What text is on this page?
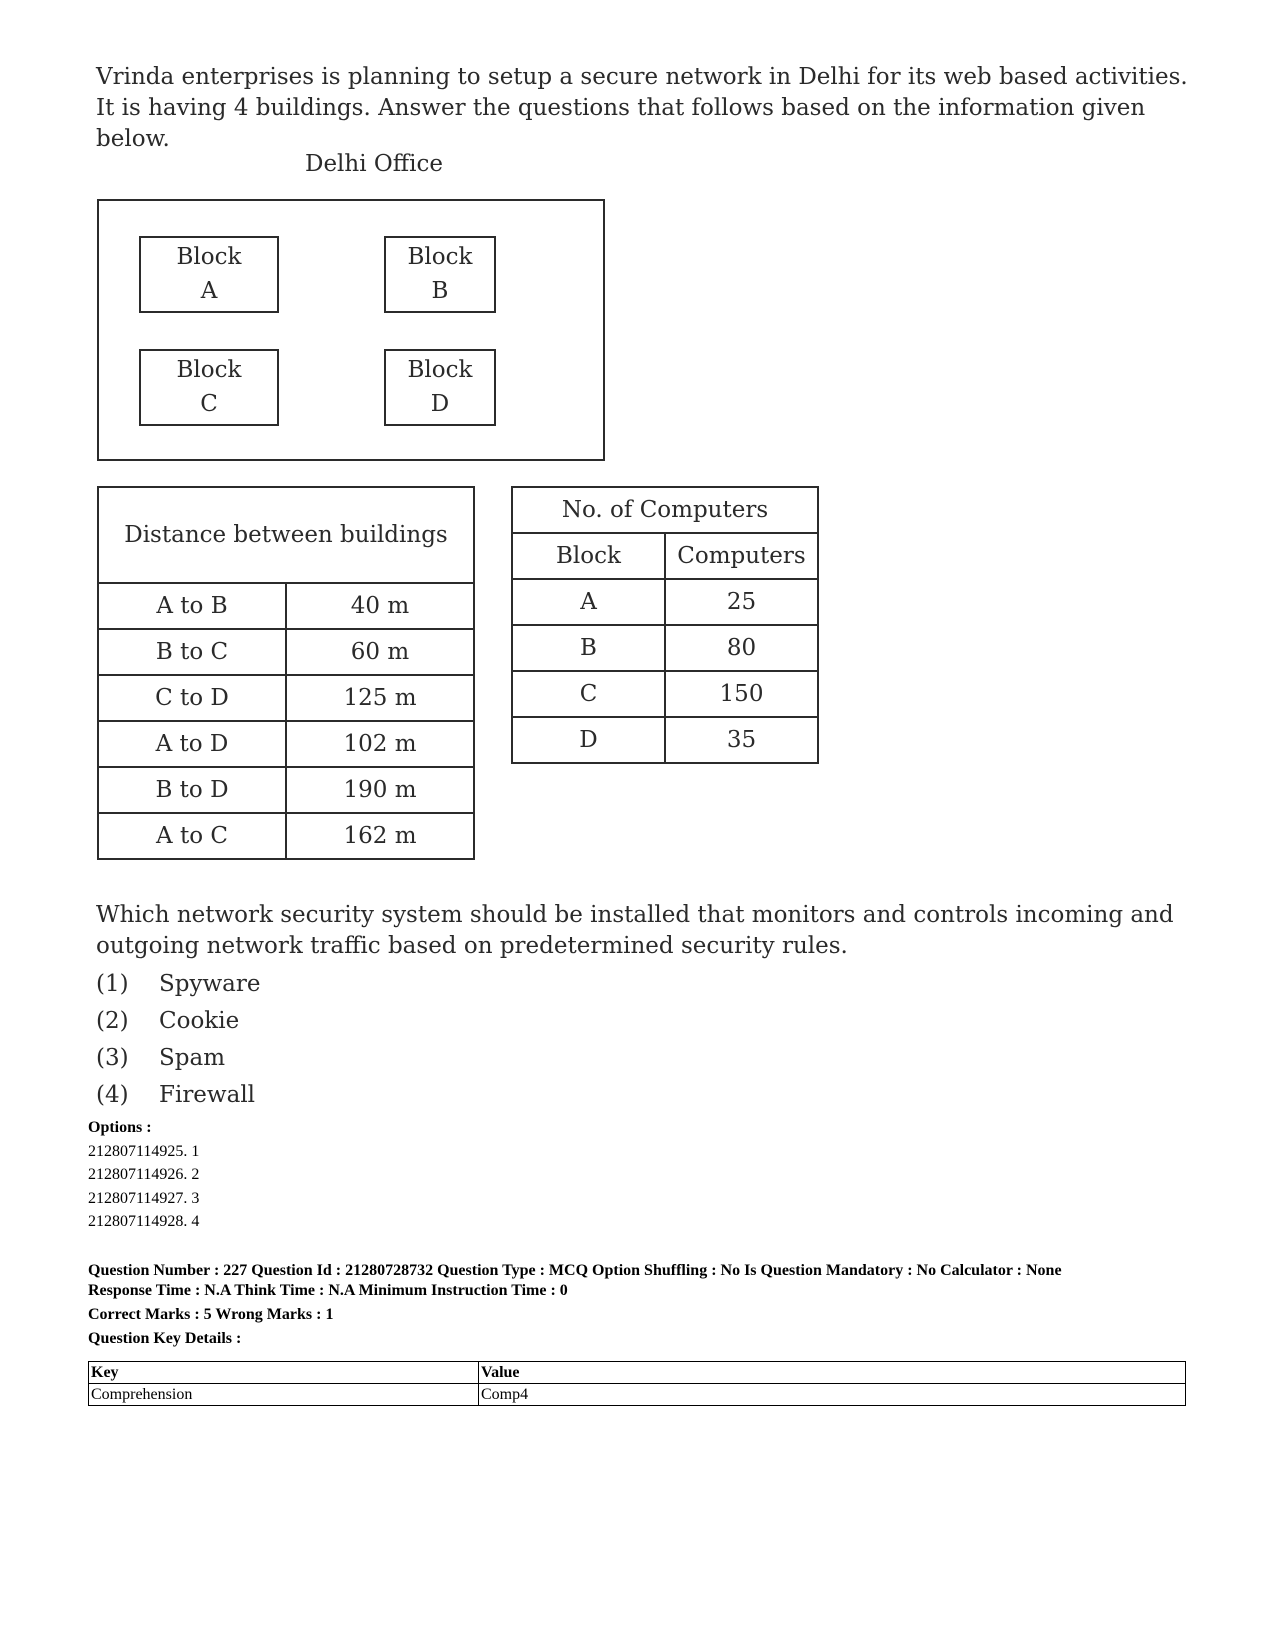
Vrinda enterprises is planning to setup a secure network in Delhi for its web based activities. It is having 4 buildings. Answer the questions that follows based on the information given below.
Delhi Office
Block
A
Block
B
Block
C
Block
D
Distance between buildings	
A to B	40 m
B to C	60 m
C to D	125 m
A to D	102 m
B to D	190 m
A to C	162 m
No. of Computers	
Block	Computers
A	25
B	80
C	150
D	35
Which network security system should be installed that monitors and controls incoming and outgoing network traffic based on predetermined security rules.
(1) Spyware
(2) Cookie
(3) Spam
(4) Firewall
Options :
212807114925. 1
212807114926. 2
212807114927. 3
212807114928. 4
Question Number : 227 Question Id : 21280728732 Question Type : MCQ Option Shuffling : No Is Question Mandatory : No Calculator : None
Response Time : N.A Think Time : N.A Minimum Instruction Time : 0
Correct Marks : 5 Wrong Marks : 1
Question Key Details :
Key	Value
Comprehension	Comp4
